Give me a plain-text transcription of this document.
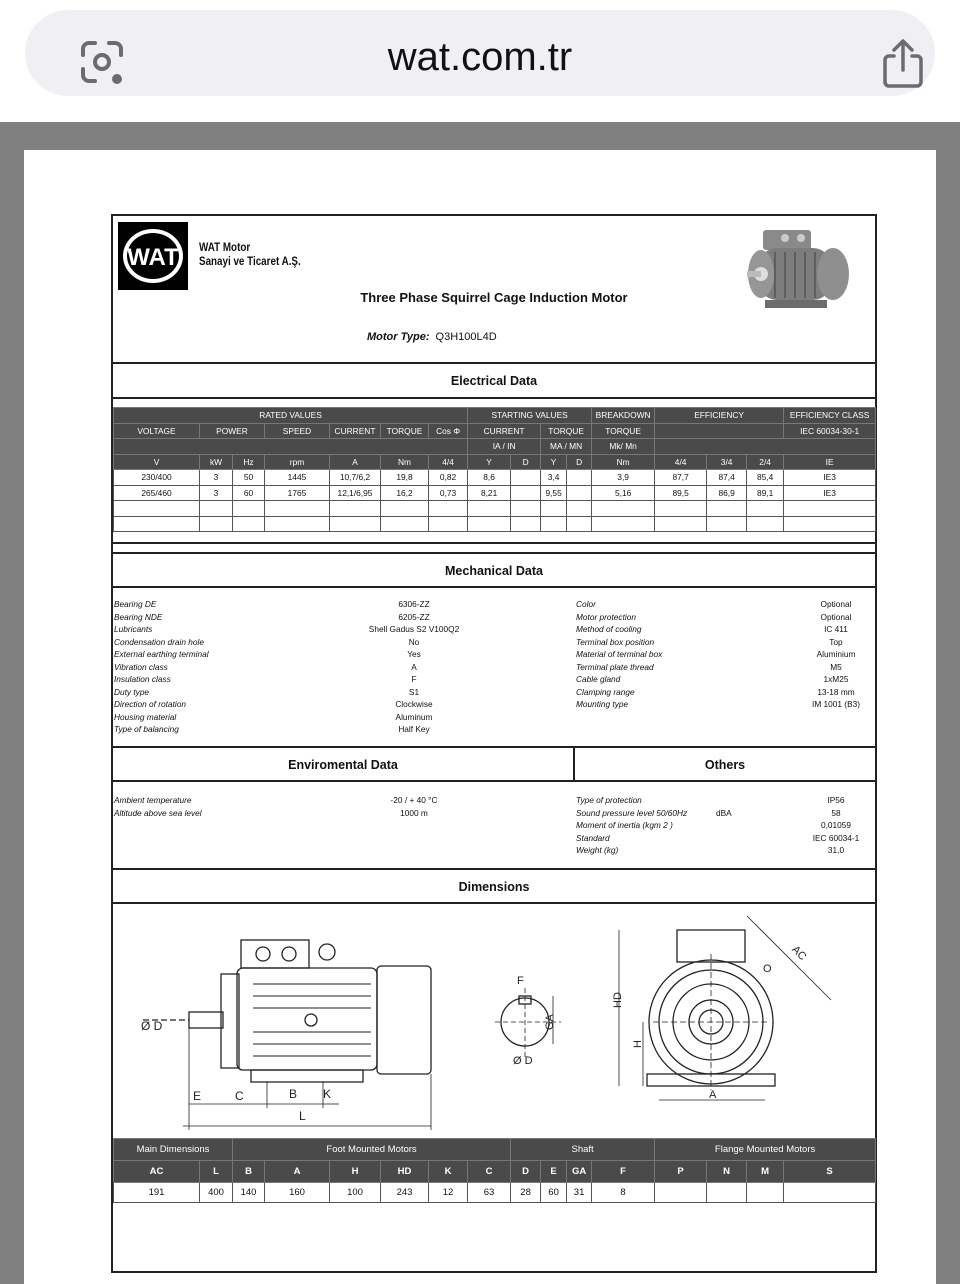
wat.com.tr
WAT WAT Motor
Sanayi ve Ticaret A.Ş.
Three Phase Squirrel Cage Induction Motor
Motor Type: Q3H100L4D
Electrical Data
RATED VALUES							STARTING VALUES				BREAKDOWN	EFFICIENCY			EFFICIENCY CLASS
VOLTAGE	POWER		SPEED	CURRENT	TORQUE	Cos Φ	CURRENT		TORQUE		TORQUE				IEC 60034-30-1
							IA / IN		MA / MN		Mk/ Mn				
V	kW	Hz	rpm	A	Nm	4/4	Y	D	Y	D	Nm	4/4	3/4	2/4	IE
230/400	3	50	1445	10,7/6,2	19,8	0,82	8,6		3,4		3,9	87,7	87,4	85,4	IE3
265/460	3	60	1765	12,1/6,95	16,2	0,73	8,21		9,55		5,16	89,5	86,9	89,1	IE3

Mechanical Data
Bearing DE	6306-ZZ
Bearing NDE	6205-ZZ
Lubricants	Shell Gadus S2 V100Q2
Condensation drain hole	No
External earthing terminal	Yes
Vibration class	A
Insulation class	F
Duty type	S1
Direction of rotation	Clockwise
Housing material	Aluminum
Type of balancing	Half Key
Color	Optional
Motor protection	Optional
Method of cooling	IC 411
Terminal box position	Top
Material of terminal box	Aluminium
Terminal plate thread	M5
Cable gland	1xM25
Clamping range	13-18 mm
Mounting type	IM 1001 (B3)
Enviromental Data	Others
Ambient temperature	-20 / + 40 °C
Altitude above sea level	1000 m
Type of protection	IP56
Sound pressure level 50/60Hz	58
Moment of inertia (kgm 2 )	0,01059
Standard	IEC 60034-1
Weight (kg)	31,0
dBA
Dimensions
Ø D
E	C	B K
L
F
GA
Ø D
HD
H
A
AC
O
Main Dimensions		Foot Mounted Motors						Shaft				Flange Mounted Motors			
AC	L	B	A	H	HD	K	C	D	E	GA	F	P	N	M	S
191	400	140	160	100	243	12	63	28	60	31	8				
